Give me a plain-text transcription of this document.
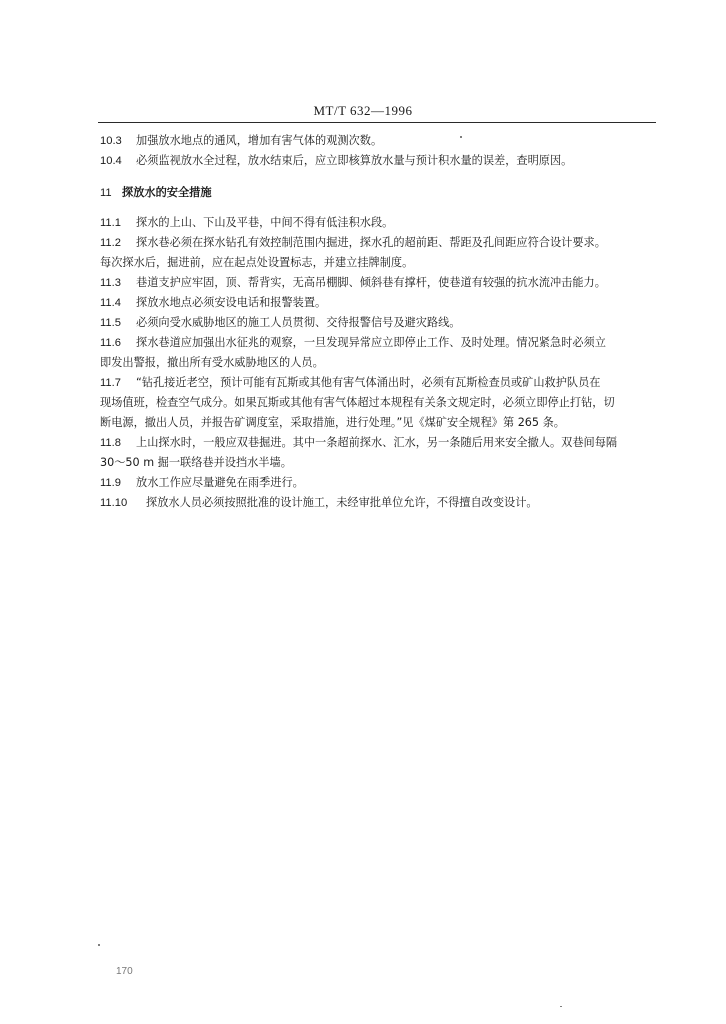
MT/T 632—1996
10.3 加强放水地点的通风，增加有害气体的观测次数。
10.4 必须监视放水全过程，放水结束后，应立即核算放水量与预计积水量的误差，查明原因。
11 探放水的安全措施
11.1 探水的上山、下山及平巷，中间不得有低洼积水段。
11.2 探水巷必须在探水钻孔有效控制范围内掘进，探水孔的超前距、帮距及孔间距应符合设计要求。
每次探水后，掘进前，应在起点处设置标志，并建立挂牌制度。
11.3 巷道支护应牢固，顶、帮背实，无高吊棚脚、倾斜巷有撑杆，使巷道有较强的抗水流冲击能力。
11.4 探放水地点必须安设电话和报警装置。
11.5 必须向受水威胁地区的施工人员贯彻、交待报警信号及避灾路线。
11.6 探水巷道应加强出水征兆的观察，一旦发现异常应立即停止工作、及时处理。情况紧急时必须立
即发出警报，撤出所有受水威胁地区的人员。
11.7 “钻孔接近老空，预计可能有瓦斯或其他有害气体涌出时，必须有瓦斯检查员或矿山救护队员在
现场值班，检查空气成分。如果瓦斯或其他有害气体超过本规程有关条文规定时，必须立即停止打钻，切
断电源，撤出人员，并报告矿调度室，采取措施，进行处理。”见《煤矿安全规程》第 265 条。
11.8 上山探水时，一般应双巷掘进。其中一条超前探水、汇水，另一条随后用来安全撤人。双巷间每隔
30～50 m 掘一联络巷并设挡水半墙。
11.9 放水工作应尽量避免在雨季进行。
11.10 探放水人员必须按照批准的设计施工，未经审批单位允许，不得擅自改变设计。
170
